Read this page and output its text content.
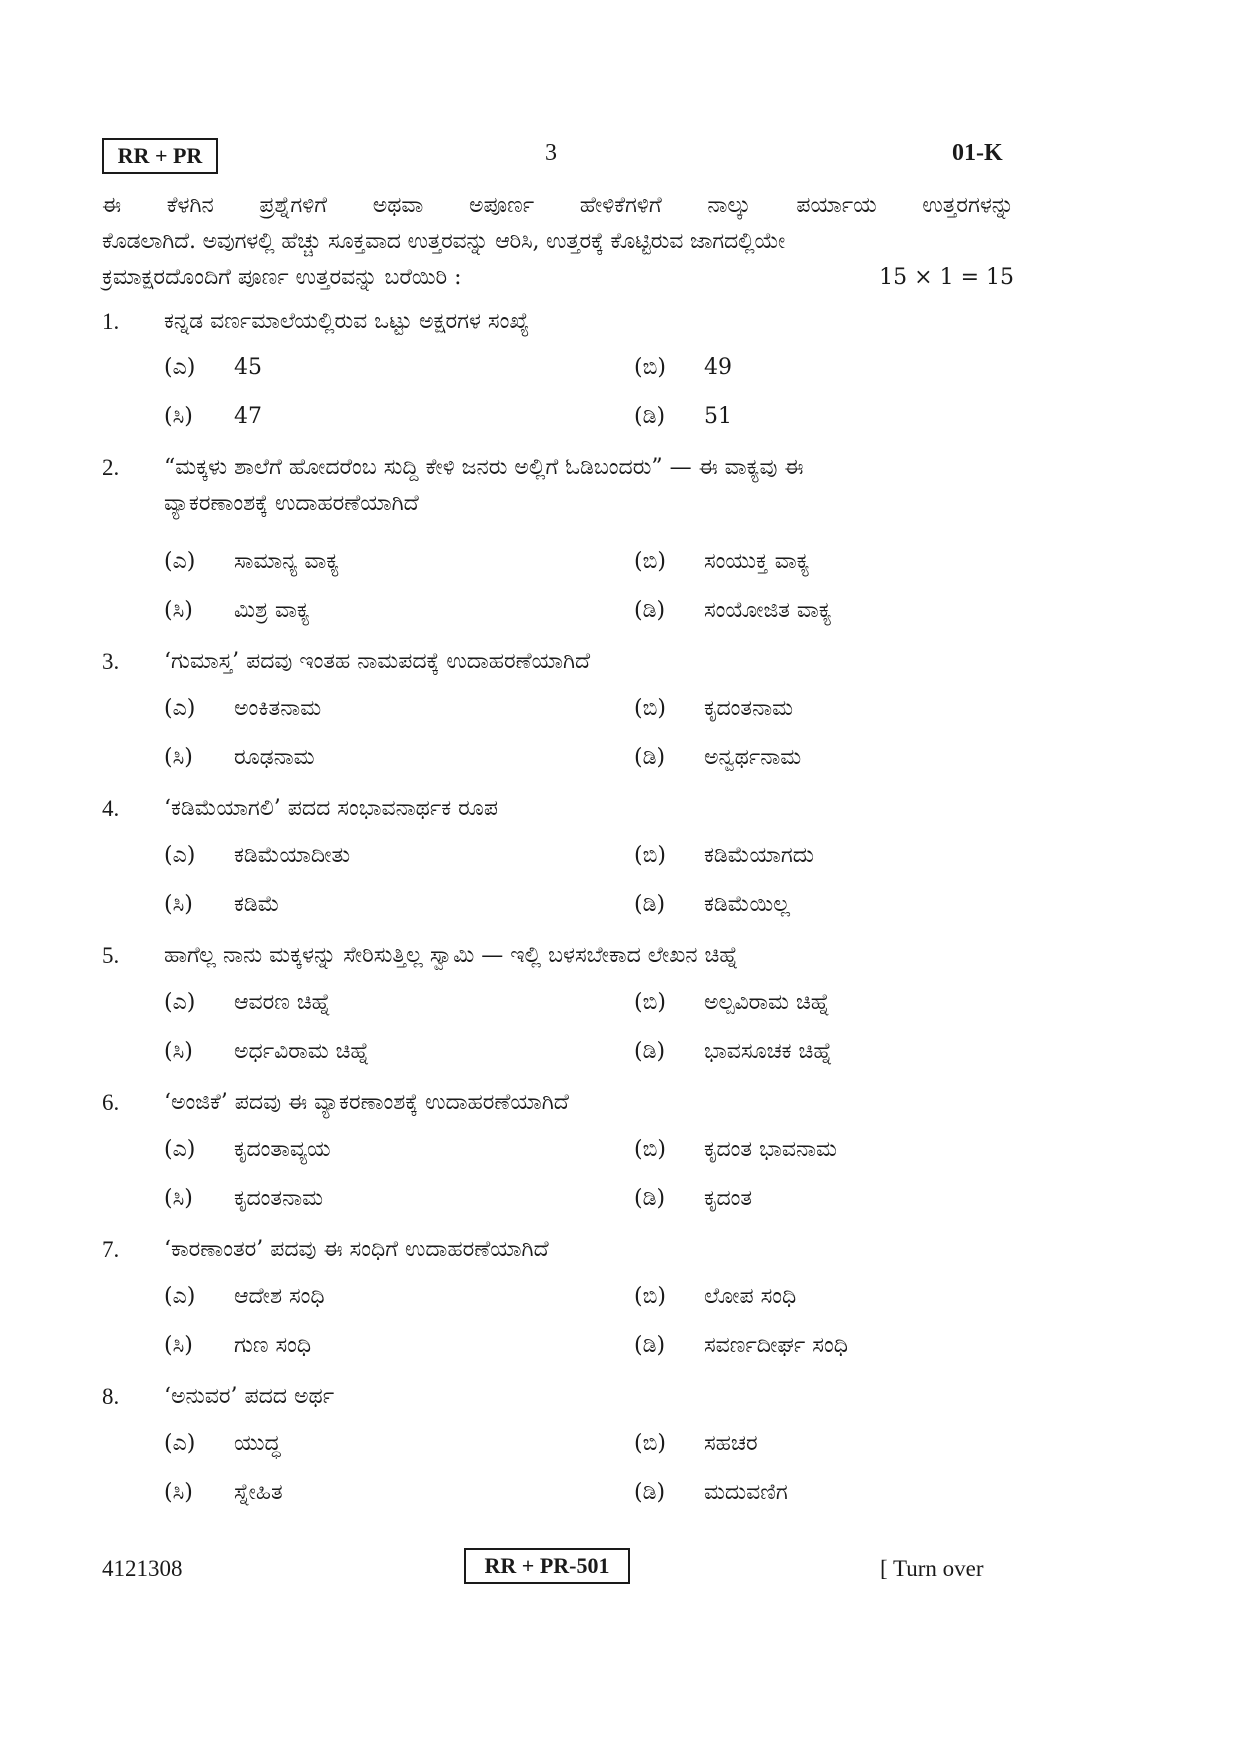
RR + PR	3	01-K
ಈ ಕೆಳಗಿನ ಪ್ರಶ್ನೆಗಳಿಗೆ ಅಥವಾ ಅಪೂರ್ಣ ಹೇಳಿಕೆಗಳಿಗೆ ನಾಲ್ಕು ಪರ್ಯಾಯ ಉತ್ತರಗಳನ್ನು
ಕೊಡಲಾಗಿದೆ. ಅವುಗಳಲ್ಲಿ ಹೆಚ್ಚು ಸೂಕ್ತವಾದ ಉತ್ತರವನ್ನು ಆರಿಸಿ, ಉತ್ತರಕ್ಕೆ ಕೊಟ್ಟಿರುವ ಜಾಗದಲ್ಲಿಯೇ
ಕ್ರಮಾಕ್ಷರದೊಂದಿಗೆ ಪೂರ್ಣ ಉತ್ತರವನ್ನು ಬರೆಯಿರಿ :	15 × 1 = 15
1.	ಕನ್ನಡ ವರ್ಣಮಾಲೆಯಲ್ಲಿರುವ ಒಟ್ಟು ಅಕ್ಷರಗಳ ಸಂಖ್ಯೆ
(ಎ)	45	(ಬಿ)	49
(ಸಿ)	47	(ಡಿ)	51
2.	“ಮಕ್ಕಳು ಶಾಲೆಗೆ ಹೋದರೆಂಬ ಸುದ್ದಿ ಕೇಳಿ ಜನರು ಅಲ್ಲಿಗೆ ಓಡಿಬಂದರು” — ಈ ವಾಕ್ಯವು ಈ
ವ್ಯಾಕರಣಾಂಶಕ್ಕೆ ಉದಾಹರಣೆಯಾಗಿದೆ
(ಎ)	ಸಾಮಾನ್ಯ ವಾಕ್ಯ	(ಬಿ)	ಸಂಯುಕ್ತ ವಾಕ್ಯ
(ಸಿ)	ಮಿಶ್ರ ವಾಕ್ಯ	(ಡಿ)	ಸಂಯೋಜಿತ ವಾಕ್ಯ
3.	‘ಗುಮಾಸ್ತ’ ಪದವು ಇಂತಹ ನಾಮಪದಕ್ಕೆ ಉದಾಹರಣೆಯಾಗಿದೆ
(ಎ)	ಅಂಕಿತನಾಮ	(ಬಿ)	ಕೃದಂತನಾಮ
(ಸಿ)	ರೂಢನಾಮ	(ಡಿ)	ಅನ್ವರ್ಥನಾಮ
4.	‘ಕಡಿಮೆಯಾಗಲಿ’ ಪದದ ಸಂಭಾವನಾರ್ಥಕ ರೂಪ
(ಎ)	ಕಡಿಮೆಯಾದೀತು	(ಬಿ)	ಕಡಿಮೆಯಾಗದು
(ಸಿ)	ಕಡಿಮೆ	(ಡಿ)	ಕಡಿಮೆಯಿಲ್ಲ
5.	ಹಾಗೆಲ್ಲ ನಾನು ಮಕ್ಕಳನ್ನು ಸೇರಿಸುತ್ತಿಲ್ಲ ಸ್ವಾಮಿ — ಇಲ್ಲಿ ಬಳಸಬೇಕಾದ ಲೇಖನ ಚಿಹ್ನೆ
(ಎ)	ಆವರಣ ಚಿಹ್ನೆ	(ಬಿ)	ಅಲ್ಪವಿರಾಮ ಚಿಹ್ನೆ
(ಸಿ)	ಅರ್ಧವಿರಾಮ ಚಿಹ್ನೆ	(ಡಿ)	ಭಾವಸೂಚಕ ಚಿಹ್ನೆ
6.	‘ಅಂಜಿಕೆ’ ಪದವು ಈ ವ್ಯಾಕರಣಾಂಶಕ್ಕೆ ಉದಾಹರಣೆಯಾಗಿದೆ
(ಎ)	ಕೃದಂತಾವ್ಯಯ	(ಬಿ)	ಕೃದಂತ ಭಾವನಾಮ
(ಸಿ)	ಕೃದಂತನಾಮ	(ಡಿ)	ಕೃದಂತ
7.	‘ಕಾರಣಾಂತರ’ ಪದವು ಈ ಸಂಧಿಗೆ ಉದಾಹರಣೆಯಾಗಿದೆ
(ಎ)	ಆದೇಶ ಸಂಧಿ	(ಬಿ)	ಲೋಪ ಸಂಧಿ
(ಸಿ)	ಗುಣ ಸಂಧಿ	(ಡಿ)	ಸವರ್ಣದೀರ್ಘ ಸಂಧಿ
8.	‘ಅನುವರ’ ಪದದ ಅರ್ಥ
(ಎ)	ಯುದ್ಧ	(ಬಿ)	ಸಹಚರ
(ಸಿ)	ಸ್ನೇಹಿತ	(ಡಿ)	ಮದುವಣಿಗ
4121308	RR + PR-501	[ Turn over
